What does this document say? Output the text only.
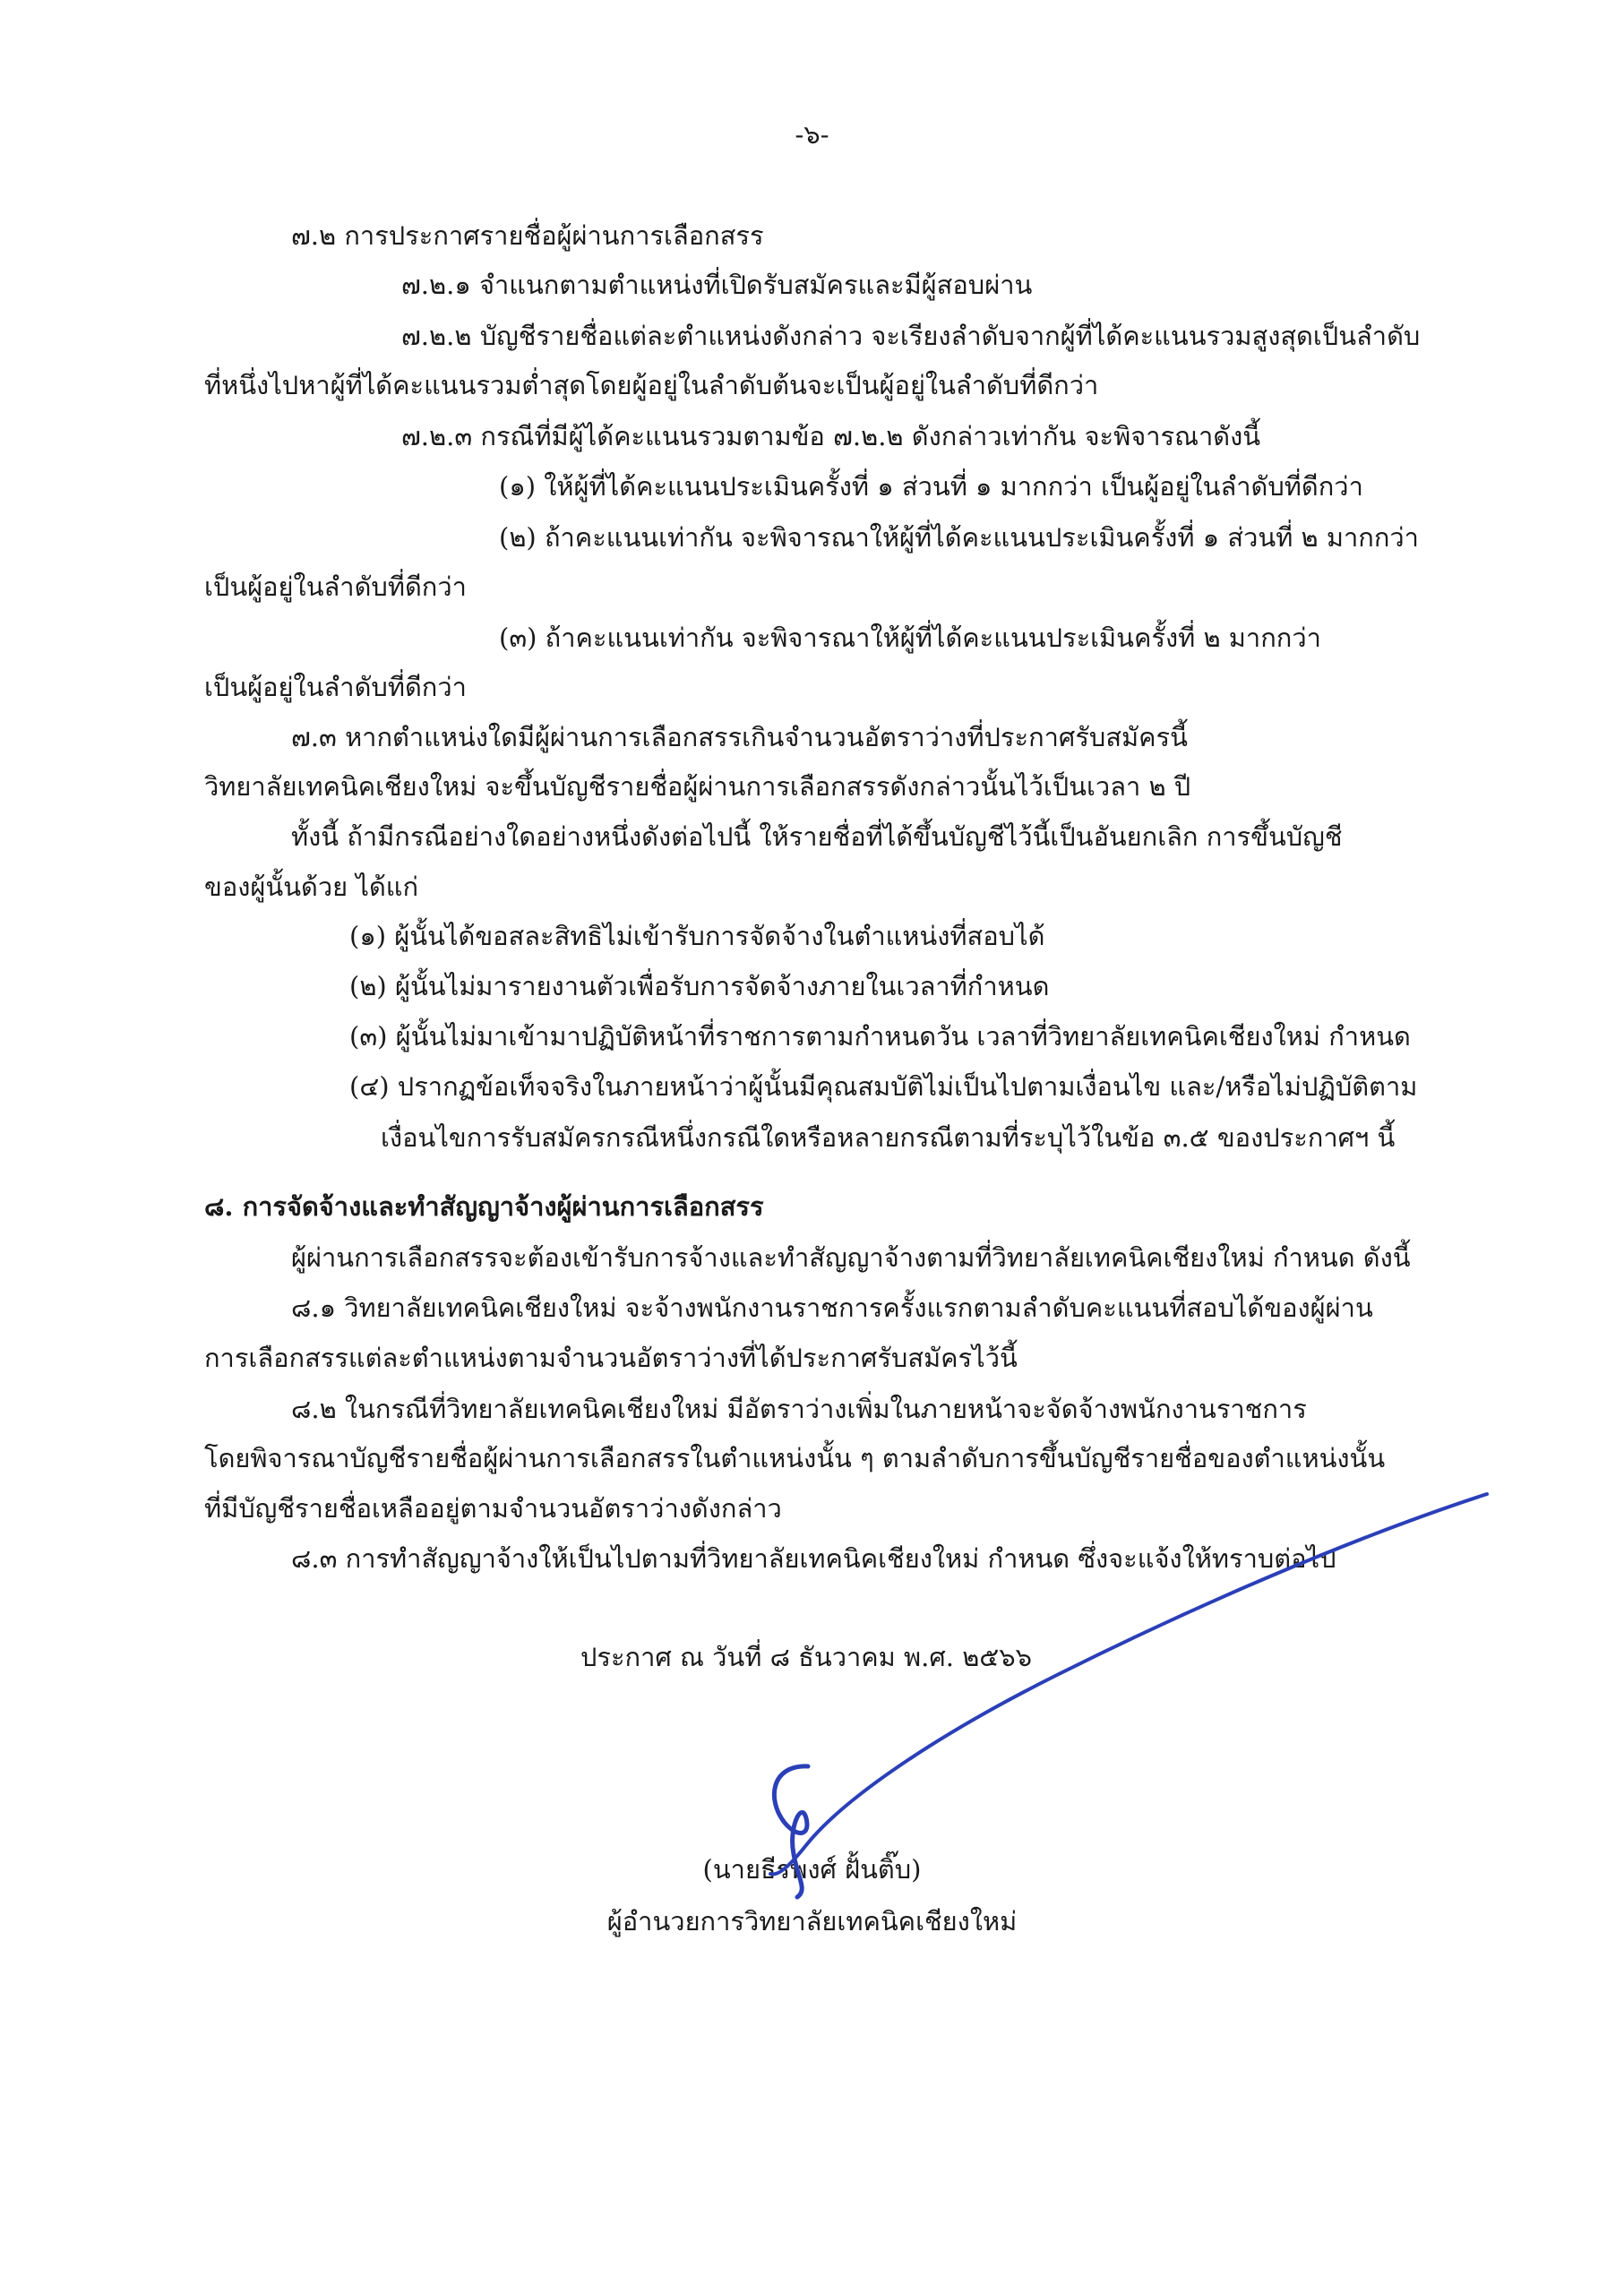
-๖-
๗.๒ การประกาศรายชื่อผู้ผ่านการเลือกสรร
๗.๒.๑ จำแนกตามตำแหน่งที่เปิดรับสมัครและมีผู้สอบผ่าน
๗.๒.๒ บัญชีรายชื่อแต่ละตำแหน่งดังกล่าว จะเรียงลำดับจากผู้ที่ได้คะแนนรวมสูงสุดเป็นลำดับ
ที่หนึ่งไปหาผู้ที่ได้คะแนนรวมต่ำสุดโดยผู้อยู่ในลำดับต้นจะเป็นผู้อยู่ในลำดับที่ดีกว่า
๗.๒.๓ กรณีที่มีผู้ได้คะแนนรวมตามข้อ ๗.๒.๒ ดังกล่าวเท่ากัน จะพิจารณาดังนี้
(๑) ให้ผู้ที่ได้คะแนนประเมินครั้งที่ ๑ ส่วนที่ ๑ มากกว่า เป็นผู้อยู่ในลำดับที่ดีกว่า
(๒) ถ้าคะแนนเท่ากัน จะพิจารณาให้ผู้ที่ได้คะแนนประเมินครั้งที่ ๑ ส่วนที่ ๒ มากกว่า
เป็นผู้อยู่ในลำดับที่ดีกว่า
(๓) ถ้าคะแนนเท่ากัน จะพิจารณาให้ผู้ที่ได้คะแนนประเมินครั้งที่ ๒ มากกว่า
เป็นผู้อยู่ในลำดับที่ดีกว่า
๗.๓ หากตำแหน่งใดมีผู้ผ่านการเลือกสรรเกินจำนวนอัตราว่างที่ประกาศรับสมัครนี้
วิทยาลัยเทคนิคเชียงใหม่ จะขึ้นบัญชีรายชื่อผู้ผ่านการเลือกสรรดังกล่าวนั้นไว้เป็นเวลา ๒ ปี
ทั้งนี้ ถ้ามีกรณีอย่างใดอย่างหนึ่งดังต่อไปนี้ ให้รายชื่อที่ได้ขึ้นบัญชีไว้นี้เป็นอันยกเลิก การขึ้นบัญชี
ของผู้นั้นด้วย ได้แก่
(๑) ผู้นั้นได้ขอสละสิทธิไม่เข้ารับการจัดจ้างในตำแหน่งที่สอบได้
(๒) ผู้นั้นไม่มารายงานตัวเพื่อรับการจัดจ้างภายในเวลาที่กำหนด
(๓) ผู้นั้นไม่มาเข้ามาปฏิบัติหน้าที่ราชการตามกำหนดวัน เวลาที่วิทยาลัยเทคนิคเชียงใหม่ กำหนด
(๔) ปรากฏข้อเท็จจริงในภายหน้าว่าผู้นั้นมีคุณสมบัติไม่เป็นไปตามเงื่อนไข และ/หรือไม่ปฏิบัติตาม
เงื่อนไขการรับสมัครกรณีหนึ่งกรณีใดหรือหลายกรณีตามที่ระบุไว้ในข้อ ๓.๕ ของประกาศฯ นี้
๘. การจัดจ้างและทำสัญญาจ้างผู้ผ่านการเลือกสรร
ผู้ผ่านการเลือกสรรจะต้องเข้ารับการจ้างและทำสัญญาจ้างตามที่วิทยาลัยเทคนิคเชียงใหม่ กำหนด ดังนี้
๘.๑ วิทยาลัยเทคนิคเชียงใหม่ จะจ้างพนักงานราชการครั้งแรกตามลำดับคะแนนที่สอบได้ของผู้ผ่าน
การเลือกสรรแต่ละตำแหน่งตามจำนวนอัตราว่างที่ได้ประกาศรับสมัครไว้นี้
๘.๒ ในกรณีที่วิทยาลัยเทคนิคเชียงใหม่ มีอัตราว่างเพิ่มในภายหน้าจะจัดจ้างพนักงานราชการ
โดยพิจารณาบัญชีรายชื่อผู้ผ่านการเลือกสรรในตำแหน่งนั้น ๆ ตามลำดับการขึ้นบัญชีรายชื่อของตำแหน่งนั้น
ที่มีบัญชีรายชื่อเหลืออยู่ตามจำนวนอัตราว่างดังกล่าว
๘.๓ การทำสัญญาจ้างให้เป็นไปตามที่วิทยาลัยเทคนิคเชียงใหม่ กำหนด ซึ่งจะแจ้งให้ทราบต่อไป
ประกาศ ณ วันที่ ๘ ธันวาคม พ.ศ. ๒๕๖๖
(นายธีรพงศ์ ฝั้นติ๊บ)
ผู้อำนวยการวิทยาลัยเทคนิคเชียงใหม่
